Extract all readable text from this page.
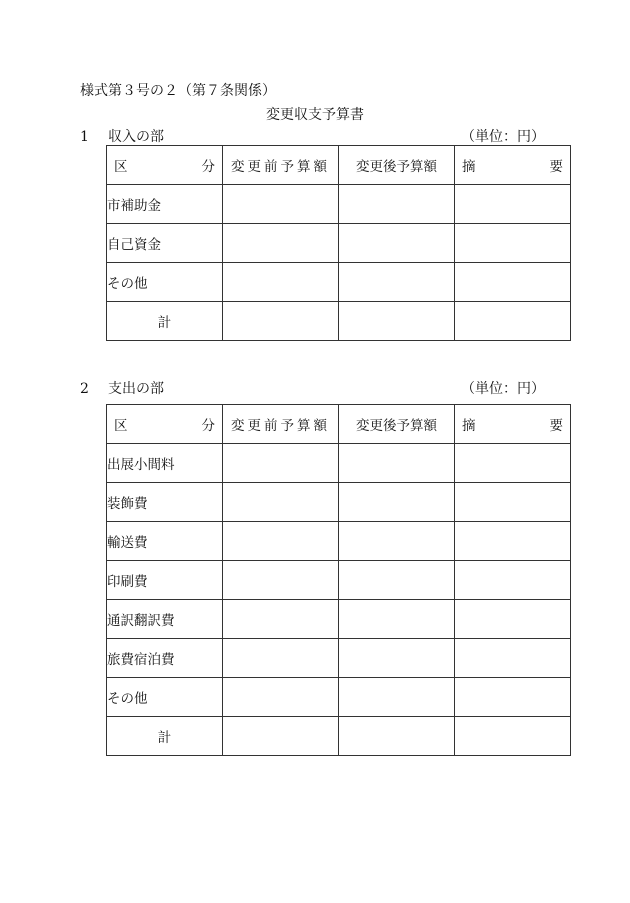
様式第３号の２（第７条関係）
変更収支予算書
1 収入の部	（単位：円）
区 分	変更前予算額	変更後予算額	摘 要

市補助金			
自己資金			
その他			
計			
2 支出の部	（単位：円）
区 分	変更前予算額	変更後予算額	摘 要

出展小間料			
装飾費			
輸送費			
印刷費			
通訳翻訳費			
旅費宿泊費			
その他			
計			
